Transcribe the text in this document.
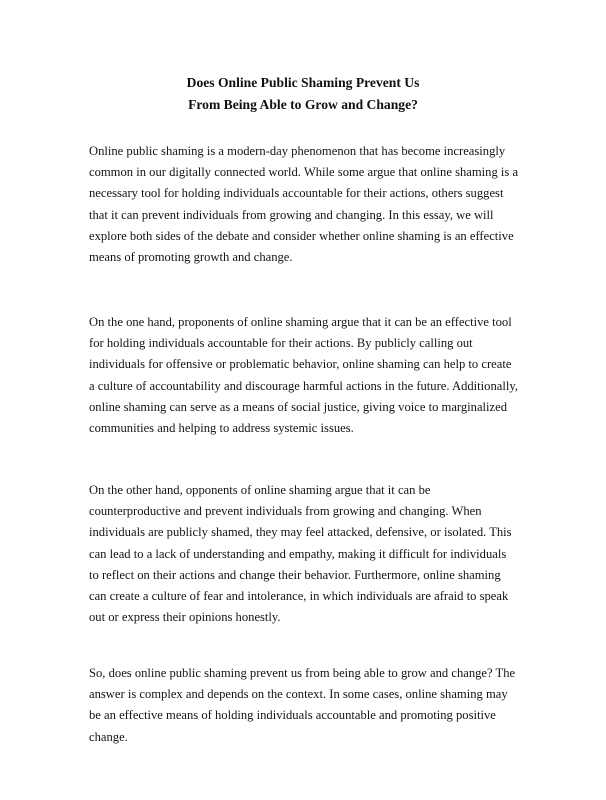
Does Online Public Shaming Prevent Us
From Being Able to Grow and Change?

Online public shaming is a modern-day phenomenon that has become increasingly common in our digitally connected world. While some argue that online shaming is a necessary tool for holding individuals accountable for their actions, others suggest that it can prevent individuals from growing and changing. In this essay, we will explore both sides of the debate and consider whether online shaming is an effective means of promoting growth and change.

On the one hand, proponents of online shaming argue that it can be an effective tool for holding individuals accountable for their actions. By publicly calling out individuals for offensive or problematic behavior, online shaming can help to create a culture of accountability and discourage harmful actions in the future. Additionally, online shaming can serve as a means of social justice, giving voice to marginalized communities and helping to address systemic issues.

On the other hand, opponents of online shaming argue that it can be counterproductive and prevent individuals from growing and changing. When individuals are publicly shamed, they may feel attacked, defensive, or isolated. This can lead to a lack of understanding and empathy, making it difficult for individuals to reflect on their actions and change their behavior. Furthermore, online shaming can create a culture of fear and intolerance, in which individuals are afraid to speak out or express their opinions honestly.

So, does online public shaming prevent us from being able to grow and change? The answer is complex and depends on the context. In some cases, online shaming may be an effective means of holding individuals accountable and promoting positive change.
